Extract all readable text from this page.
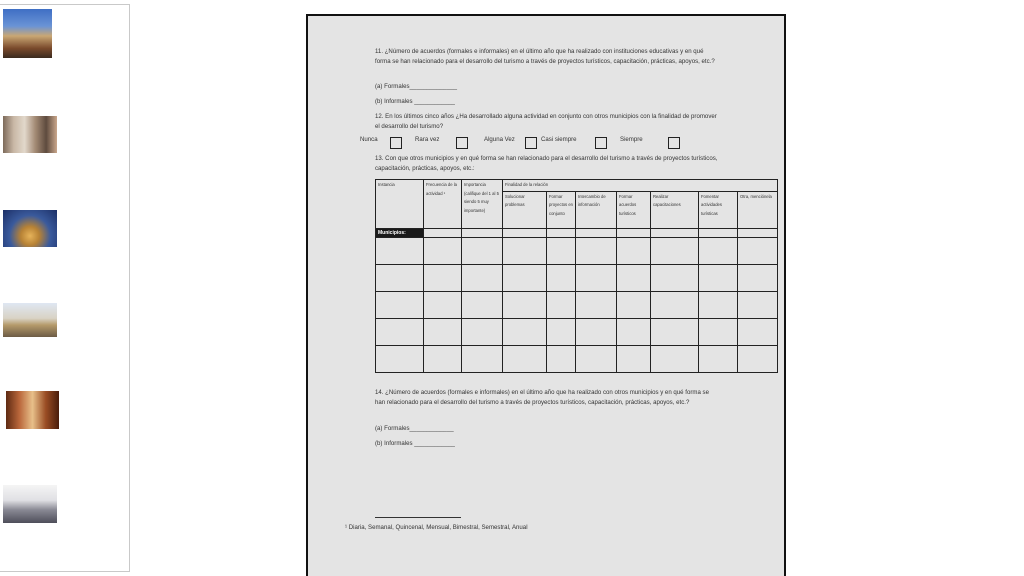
11. ¿Número de acuerdos (formales e informales) en el último año que ha realizado con instituciones educativas y en qué forma se han relacionado para el desarrollo del turismo a través de proyectos turísticos, capacitación, prácticas, apoyos, etc.?

(a) Formales______________

(b) Informales ____________

12. En los últimos cinco años ¿Ha desarrollado alguna actividad en conjunto con otros municipios con la finalidad de promover el desarrollo del turismo?

Nunca	Rara vez	Alguna Vez	Casi siempre	Siempre

13. Con que otros municipios y en qué forma se han relacionado para el desarrollo del turismo a través de proyectos turísticos, capacitación, prácticas, apoyos, etc.:

Instancia	Frecuencia de la actividad ¹	Importancia (califique del 1 al 5 siendo 5 muy importante)	Finalidad de la relación						
			Solucionar problemas	Formar proyectos en conjunto	Intercambio de información	Formar acuerdos turísticos	Realizar capacitaciones	Fomentar actividades turísticas	Otra, menciónela
Municipios:									

14. ¿Número de acuerdos (formales e informales) en el último año que ha realizado con otros municipios y en qué forma se han relacionado para el desarrollo del turismo a través de proyectos turísticos, capacitación, prácticas, apoyos, etc.?

(a) Formales_____________

(b) Informales ____________

¹ Diaria, Semanal, Quincenal, Mensual, Bimestral, Semestral, Anual
